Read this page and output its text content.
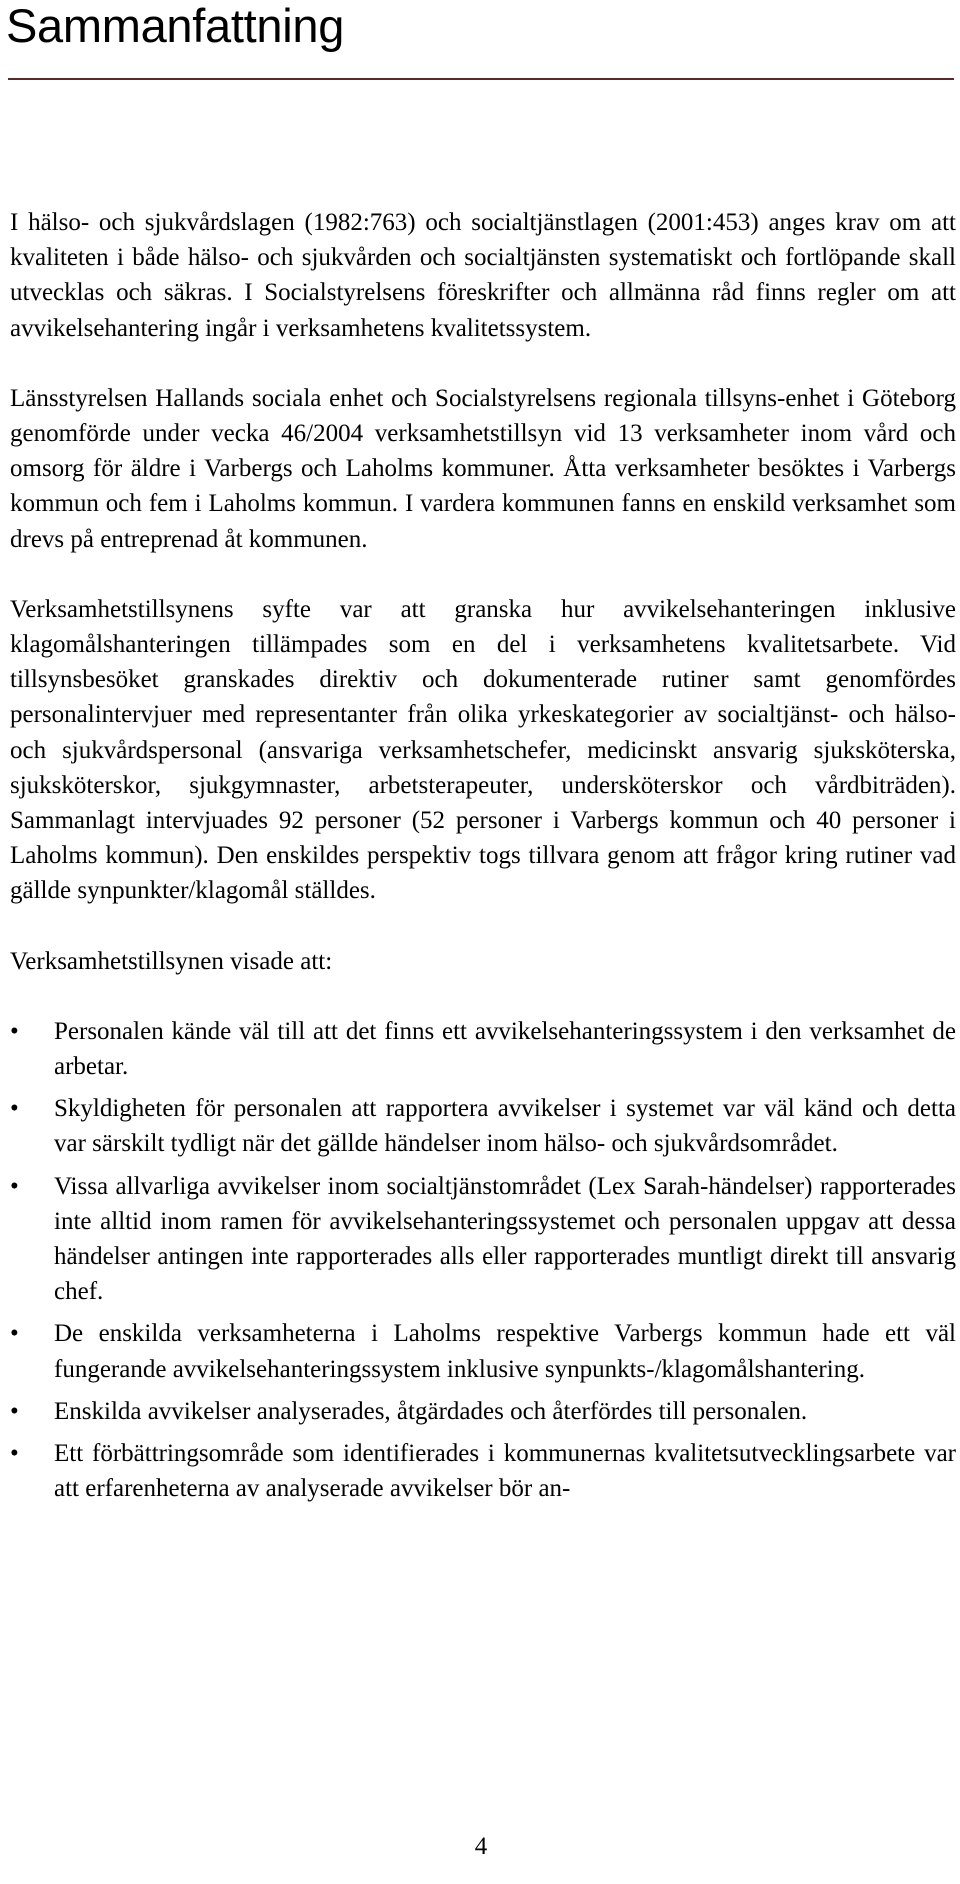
Sammanfattning

I hälso- och sjukvårdslagen (1982:763) och socialtjänstlagen (2001:453) anges krav om att kvaliteten i både hälso- och sjukvården och socialtjänsten systematiskt och fortlöpande skall utvecklas och säkras. I Socialstyrelsens föreskrifter och allmänna råd finns regler om att avvikelsehantering ingår i verksamhetens kvalitetssystem.

Länsstyrelsen Hallands sociala enhet och Socialstyrelsens regionala tillsyns-enhet i Göteborg genomförde under vecka 46/2004 verksamhetstillsyn vid 13 verksamheter inom vård och omsorg för äldre i Varbergs och Laholms kommuner. Åtta verksamheter besöktes i Varbergs kommun och fem i Laholms kommun. I vardera kommunen fanns en enskild verksamhet som drevs på entreprenad åt kommunen.

Verksamhetstillsynens syfte var att granska hur avvikelsehanteringen inklusive klagomålshanteringen tillämpades som en del i verksamhetens kvalitetsarbete. Vid tillsynsbesöket granskades direktiv och dokumenterade rutiner samt genomfördes personalintervjuer med representanter från olika yrkeskategorier av socialtjänst- och hälso- och sjukvårdspersonal (ansvariga verksamhetschefer, medicinskt ansvarig sjuksköterska, sjuksköterskor, sjukgymnaster, arbetsterapeuter, undersköterskor och vårdbiträden). Sammanlagt intervjuades 92 personer (52 personer i Varbergs kommun och 40 personer i Laholms kommun). Den enskildes perspektiv togs tillvara genom att frågor kring rutiner vad gällde synpunkter/klagomål ställdes.

Verksamhetstillsynen visade att:

• Personalen kände väl till att det finns ett avvikelsehanteringssystem i den verksamhet de arbetar.
• Skyldigheten för personalen att rapportera avvikelser i systemet var väl känd och detta var särskilt tydligt när det gällde händelser inom hälso- och sjukvårdsområdet.
• Vissa allvarliga avvikelser inom socialtjänstområdet (Lex Sarah-händelser) rapporterades inte alltid inom ramen för avvikelsehanteringssystemet och personalen uppgav att dessa händelser antingen inte rapporterades alls eller rapporterades muntligt direkt till ansvarig chef.
• De enskilda verksamheterna i Laholms respektive Varbergs kommun hade ett väl fungerande avvikelsehanteringssystem inklusive synpunkts-/klagomålshantering.
• Enskilda avvikelser analyserades, åtgärdades och återfördes till personalen.
• Ett förbättringsområde som identifierades i kommunernas kvalitetsutvecklingsarbete var att erfarenheterna av analyserade avvikelser bör an-
4
